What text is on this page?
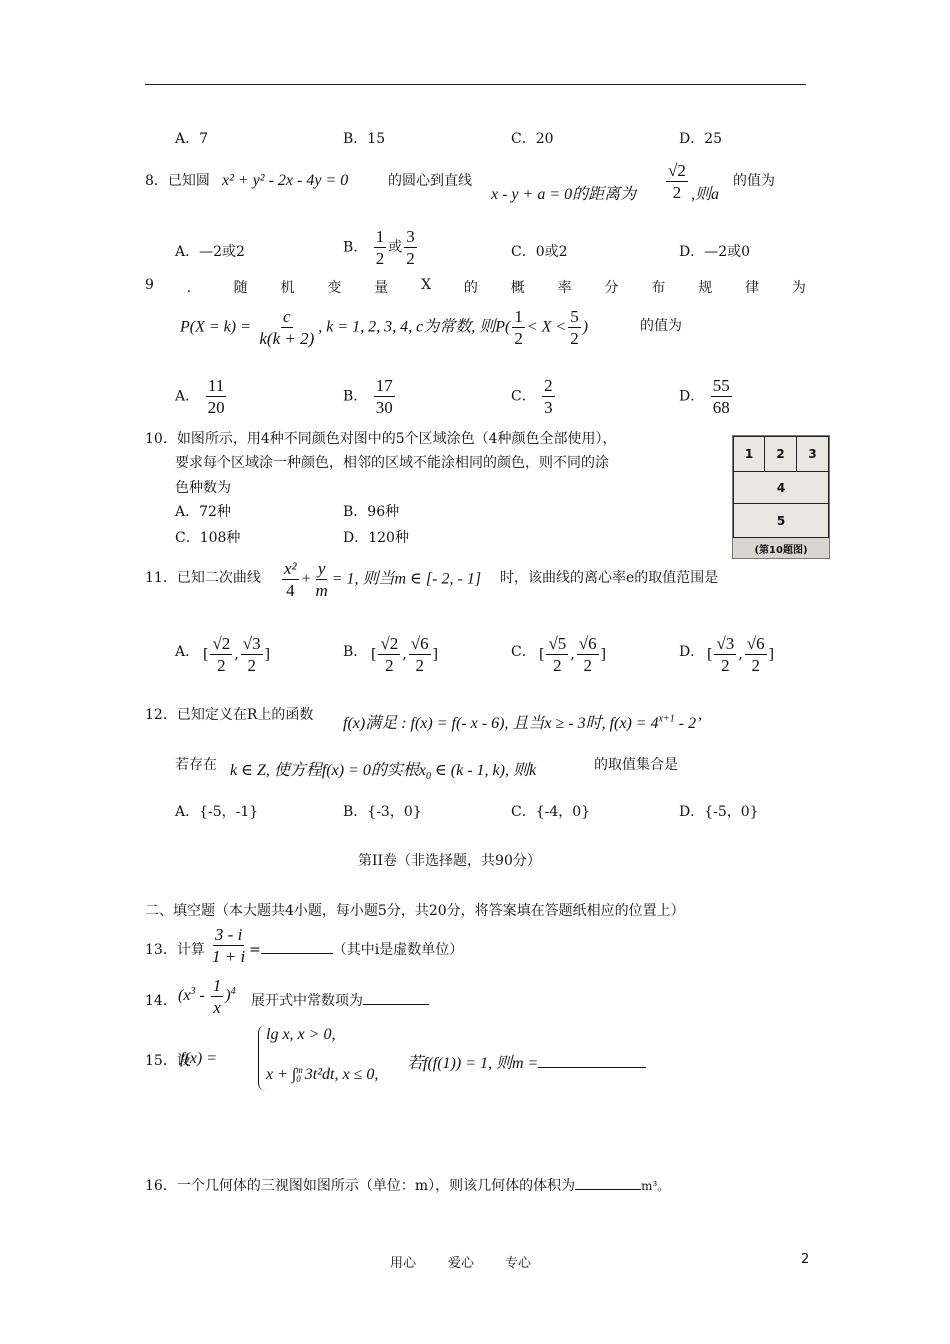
A．7	B．15	C．20	D．25
8．已知圆 x² + y² - 2x - 4y = 0	的圆心到直线
x - y + a = 0的距离为 $\frac{√2}{2}$ ,则a
的值为
A．—2或2	B． $\frac{1}{2}$ 或 $\frac{3}{2}$	C．0或2	D．—2或0
9 ． 随 机 变 量 X 的 概 率 分 布 规 律 为
$P(X = k) = \frac{c}{k(k + 2)}$ , k = 1, 2, 3, 4, c为常数, 则$P( \frac{1}{2} < X < \frac{5}{2}$ )	的值为
A． $\frac{11}{20}$	B． $\frac{17}{30}$	C． $\frac{2}{3}$	D． $\frac{55}{68}$
10．如图所示，用4种不同颜色对图中的5个区域涂色（4种颜色全部使用），
要求每个区域涂一种颜色，相邻的区域不能涂相同的颜色，则不同的涂
色种数为
A．72种	B．96种
C．108种	D．120种
1	2	3
4
5
(第10题图)
11．已知二次曲线 $\frac{\text{x²}}{4} + \frac{y}{m} = 1$, 则当m ∈ [- 2, - 1] 时，该曲线的离心率e的取值范围是
A． [ $\frac{√2}{2}$ , $\frac{√3}{2}$ ]	B． [ $\frac{√2}{2}$ , $\frac{√6}{2}$ ]	C． [ $\frac{√5}{2}$ , $\frac{√6}{2}$ ]	D． [ $\frac{√3}{2}$ , $\frac{√6}{2}$ ]
12．已知定义在R上的函数 f(x)满足 : f(x) = f(- x - 6), 且当x ≥ - 3时, $f(x) = 4^{x+1} - 2$’
若存在 k ∈ Z, 使方程f(x) = 0的实根$x_0$ ∈ (k - 1, k), 则k	的取值集合是
A．{-5，-1}	B．{-3，0}	C．{-4，0}	D．{-5，0}
第II卷（非选择题，共90分）
二、填空题（本大题共4小题，每小题5分，共20分，将答案填在答题纸相应的位置上）
13．计算 $\frac{3 - i}{1 + i}$ =	（其中i是虚数单位）
14． $(x^3 - \frac{1}{x} )^4$
展开式中常数项为
15．设
f(x) =
lg x, x > 0,
x + ∫ m
0 3t²dt, x ≤ 0,
若f(f(1)) = 1, 则m =
16．一个几何体的三视图如图所示（单位：m），则该几何体的体积为	m³。
用心 爱心 专心	2
